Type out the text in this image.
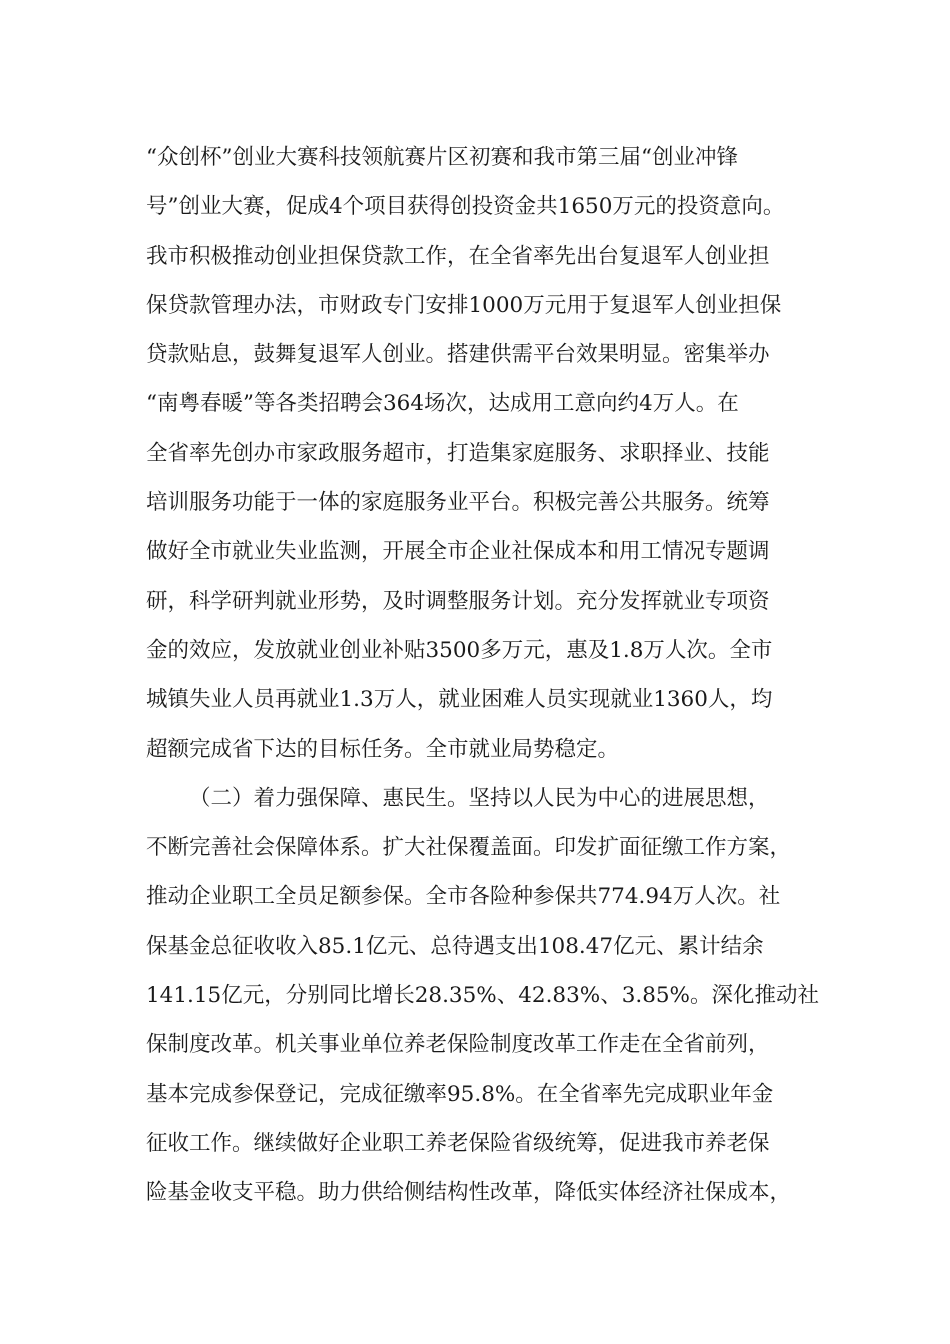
“众创杯”创业大赛科技领航赛片区初赛和我市第三届“创业冲锋
号”创业大赛，促成4个项目获得创投资金共1650万元的投资意向。
我市积极推动创业担保贷款工作，在全省率先出台复退军人创业担
保贷款管理办法，市财政专门安排1000万元用于复退军人创业担保
贷款贴息，鼓舞复退军人创业。搭建供需平台效果明显。密集举办
“南粤春暖”等各类招聘会364场次，达成用工意向约4万人。在
全省率先创办市家政服务超市，打造集家庭服务、求职择业、技能
培训服务功能于一体的家庭服务业平台。积极完善公共服务。统筹
做好全市就业失业监测，开展全市企业社保成本和用工情况专题调
研，科学研判就业形势，及时调整服务计划。充分发挥就业专项资
金的效应，发放就业创业补贴3500多万元，惠及1.8万人次。全市
城镇失业人员再就业1.3万人，就业困难人员实现就业1360人，均
超额完成省下达的目标任务。全市就业局势稳定。
（二）着力强保障、惠民生。坚持以人民为中心的进展思想，
不断完善社会保障体系。扩大社保覆盖面。印发扩面征缴工作方案，
推动企业职工全员足额参保。全市各险种参保共774.94万人次。社
保基金总征收收入85.1亿元、总待遇支出108.47亿元、累计结余
141.15亿元，分别同比增长28.35%、42.83%、3.85%。深化推动社
保制度改革。机关事业单位养老保险制度改革工作走在全省前列，
基本完成参保登记，完成征缴率95.8%。在全省率先完成职业年金
征收工作。继续做好企业职工养老保险省级统筹，促进我市养老保
险基金收支平稳。助力供给侧结构性改革，降低实体经济社保成本，
